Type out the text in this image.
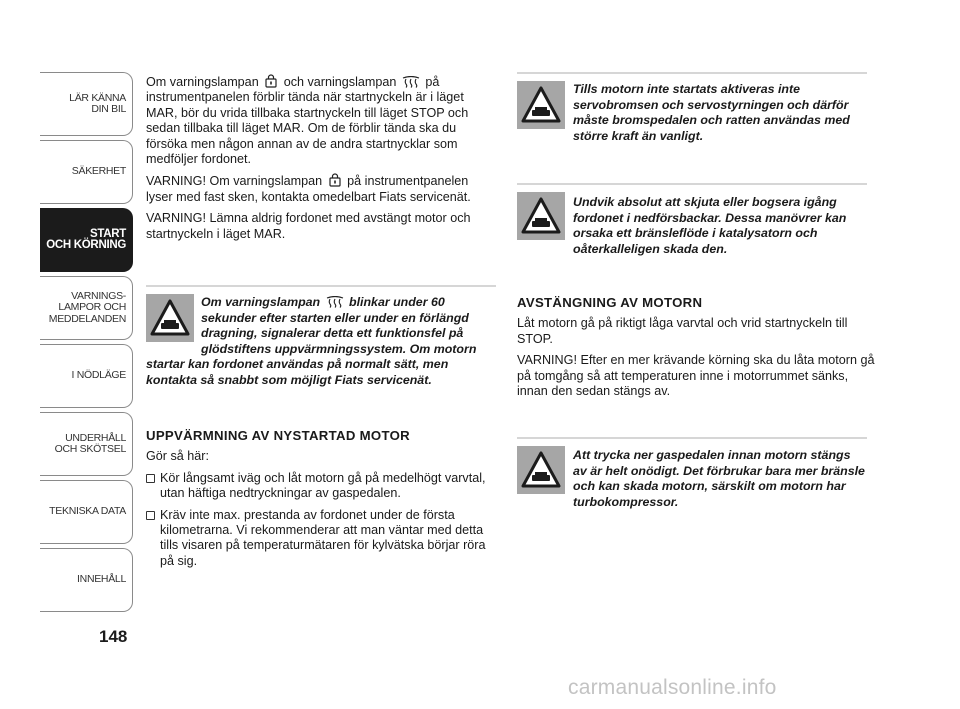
LÄR KÄNNA
DIN BIL
SÄKERHET
START
OCH KÖRNING
VARNINGS-
LAMPOR OCH
MEDDELANDEN
I NÖDLÄGE
UNDERHÅLL
OCH SKÖTSEL
TEKNISKA DATA
INNEHÅLL
148

Om varningslampan och varningslampan på instrumentpanelen förblir tända när startnyckeln är i läget MAR, bör du vrida tillbaka startnyckeln till läget STOP och sedan tillbaka till läget MAR. Om de förblir tända ska du försöka men någon annan av de andra startnycklar som medföljer fordonet.

VARNING! Om varningslampan på instrumentpanelen lyser med fast sken, kontakta omedelbart Fiats servicenät.

VARNING! Lämna aldrig fordonet med avstängt motor och startnyckeln i läget MAR.

Om varningslampan blinkar under 60 sekunder efter starten eller under en förlängd dragning, signalerar detta ett funktionsfel på glödstiftens uppvärmningssystem. Om motorn startar kan fordonet användas på normalt sätt, men kontakta så snabbt som möjligt Fiats servicenät.
UPPVÄRMNING AV NYSTARTAD MOTOR

Gör så här:

Kör långsamt iväg och låt motorn gå på medelhögt varvtal, utan häftiga nedtryckningar av gaspedalen.
Kräv inte max. prestanda av fordonet under de första kilometrarna. Vi rekommenderar att man väntar med detta tills visaren på temperaturmätaren för kylvätska börjar röra på sig.
Tills motorn inte startats aktiveras inte servobromsen och servostyrningen och därför måste bromspedalen och ratten användas med större kraft än vanligt.
Undvik absolut att skjuta eller bogsera igång fordonet i nedförsbackar. Dessa manövrer kan orsaka ett bränsleflöde i katalysatorn och oåterkalleligen skada den.
AVSTÄNGNING AV MOTORN

Låt motorn gå på riktigt låga varvtal och vrid startnyckeln till STOP.

VARNING! Efter en mer krävande körning ska du låta motorn gå på tomgång så att temperaturen inne i motorrummet sänks, innan den sedan stängs av.

Att trycka ner gaspedalen innan motorn stängs av är helt onödigt. Det förbrukar bara mer bränsle och kan skada motorn, särskilt om motorn har turbokompressor.
carmanualsonline.info
